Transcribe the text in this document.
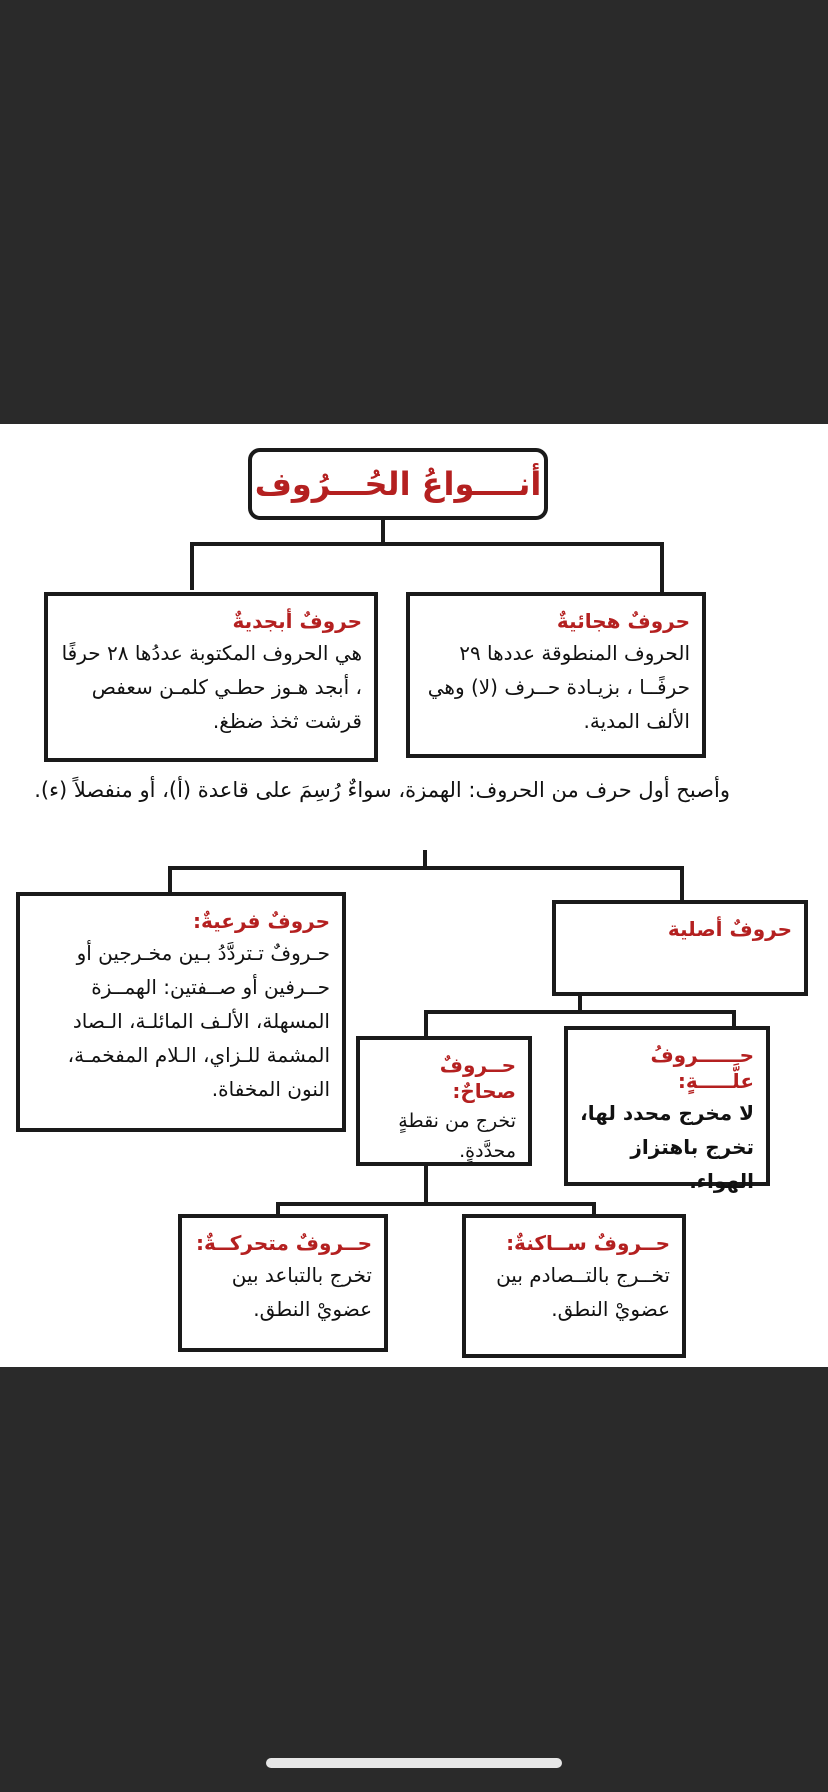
أنــــواعُ الحُـــرُوف
حروفٌ هجائيةٌ
الحروف المنطوقة عددها ٢٩ حرفًــا ، بزيـادة حــرف (لا) وهي الألف المدية.
حروفٌ أبجديةٌ
هي الحروف المكتوبة عددُها ٢٨ حرفًا ، أبجد هـوز حطـي كلمـن سعفص قرشت ثخذ ضظغ.
وأصبح أول حرف من الحروف: الهمزة، سواءٌ رُسِمَ على قاعدة (أ)، أو منفصلاً (ء).
حروفٌ فرعيةٌ:
حـروفٌ تـتردَّدُ بـين مخـرجين أو حــرفين أو صــفتين: الهمــزة المسهلة، الألـف المائلـة، الـصاد المشمة للـزاي، الـلام المفخمـة، النون المخفاة.
حروفٌ أصلية
حــــــروفُ علَّـــــةٍ:
لا مخرج محدد لها، تخرج باهتزاز الهواء.
حــروفٌ صحاحٌ:
تخرج من نقطةٍ محدَّدةٍ.
حــروفٌ متحركــةٌ:
تخرج بالتباعد بين عضويْ النطق.
حــروفٌ ســاكنةٌ:
تخــرج بالتــصادم بين عضويْ النطق.
